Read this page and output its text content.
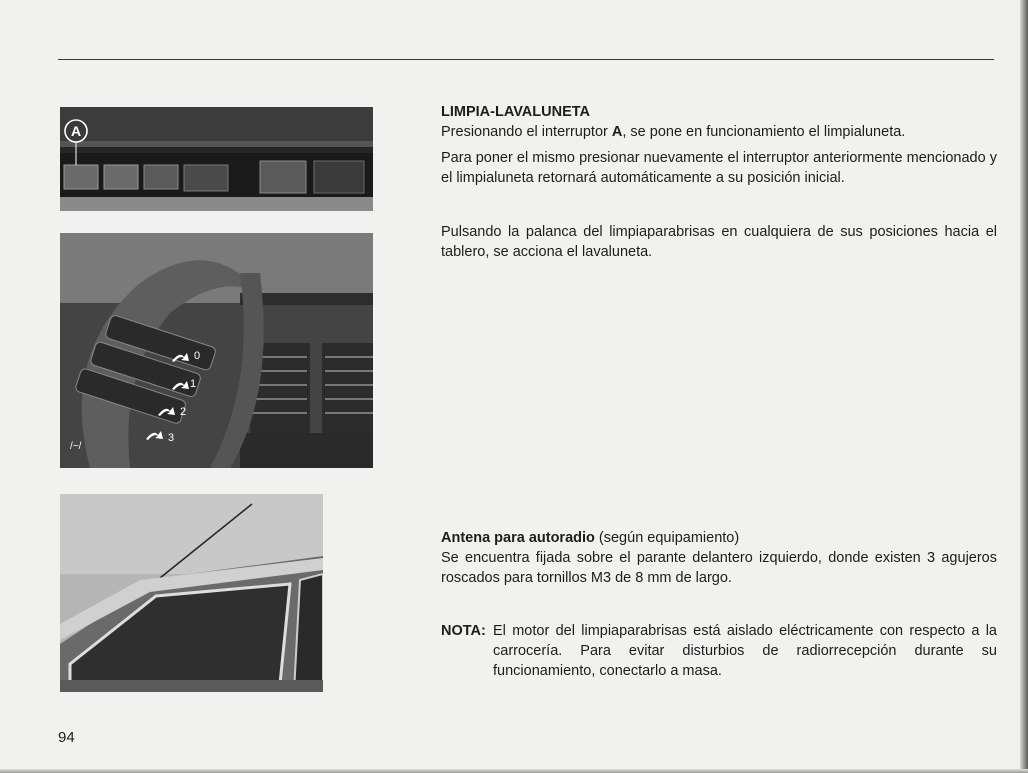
A
0
1
2
3
/~/
LIMPIA-LAVALUNETA

Presionando el interruptor A, se pone en funcionamiento el limpialuneta.

Para poner el mismo presionar nuevamente el interruptor anteriormente mencionado y el limpialuneta retornará automáticamente a su posición inicial.

Pulsando la palanca del limpiaparabrisas en cualquiera de sus posiciones hacia el tablero, se acciona el lavaluneta.

Antena para autoradio (según equipamiento)

Se encuentra fijada sobre el parante delantero izquierdo, donde existen 3 agujeros roscados para tornillos M3 de 8 mm de largo.

NOTA: El motor del limpiaparabrisas está aislado eléctricamente con respecto a la carrocería. Para evitar disturbios de radiorrecepción durante su funcionamiento, conectarlo a masa.
94
